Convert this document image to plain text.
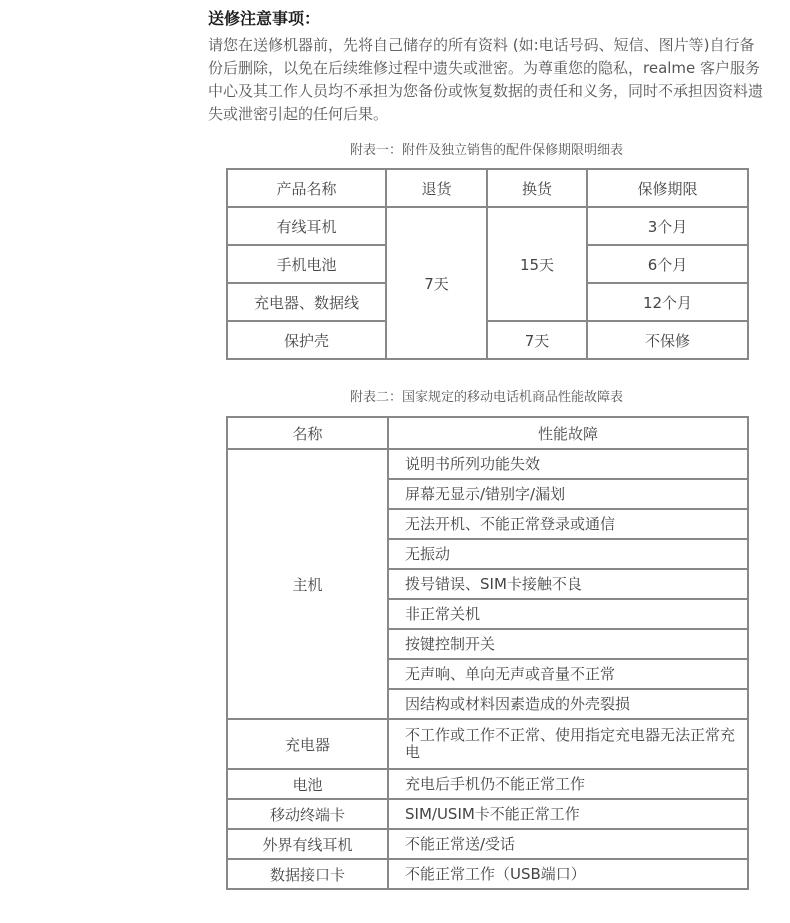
送修注意事项：

请您在送修机器前，先将自己储存的所有资料 (如:电话号码、短信、图片等)自行备份后删除，以免在后续维修过程中遗失或泄密。为尊重您的隐私，realme 客户服务中心及其工作人员均不承担为您备份或恢复数据的责任和义务，同时不承担因资料遗失或泄密引起的任何后果。

附表一：附件及独立销售的配件保修期限明细表
产品名称	退货	换货	保修期限
有线耳机	7天	15天	3个月
手机电池			6个月
充电器、数据线			12个月
保护壳		7天	不保修
附表二：国家规定的移动电话机商品性能故障表
名称	性能故障
主机	说明书所列功能失效
	屏幕无显示/错别字/漏划
	无法开机、不能正常登录或通信
	无振动
	拨号错误、SIM卡接触不良
	非正常关机
	按键控制开关
	无声响、单向无声或音量不正常
	因结构或材料因素造成的外壳裂损
充电器	不工作或工作不正常、使用指定充电器无法正常充电
电池	充电后手机仍不能正常工作
移动终端卡	SIM/USIM卡不能正常工作
外界有线耳机	不能正常送/受话
数据接口卡	不能正常工作（USB端口）
